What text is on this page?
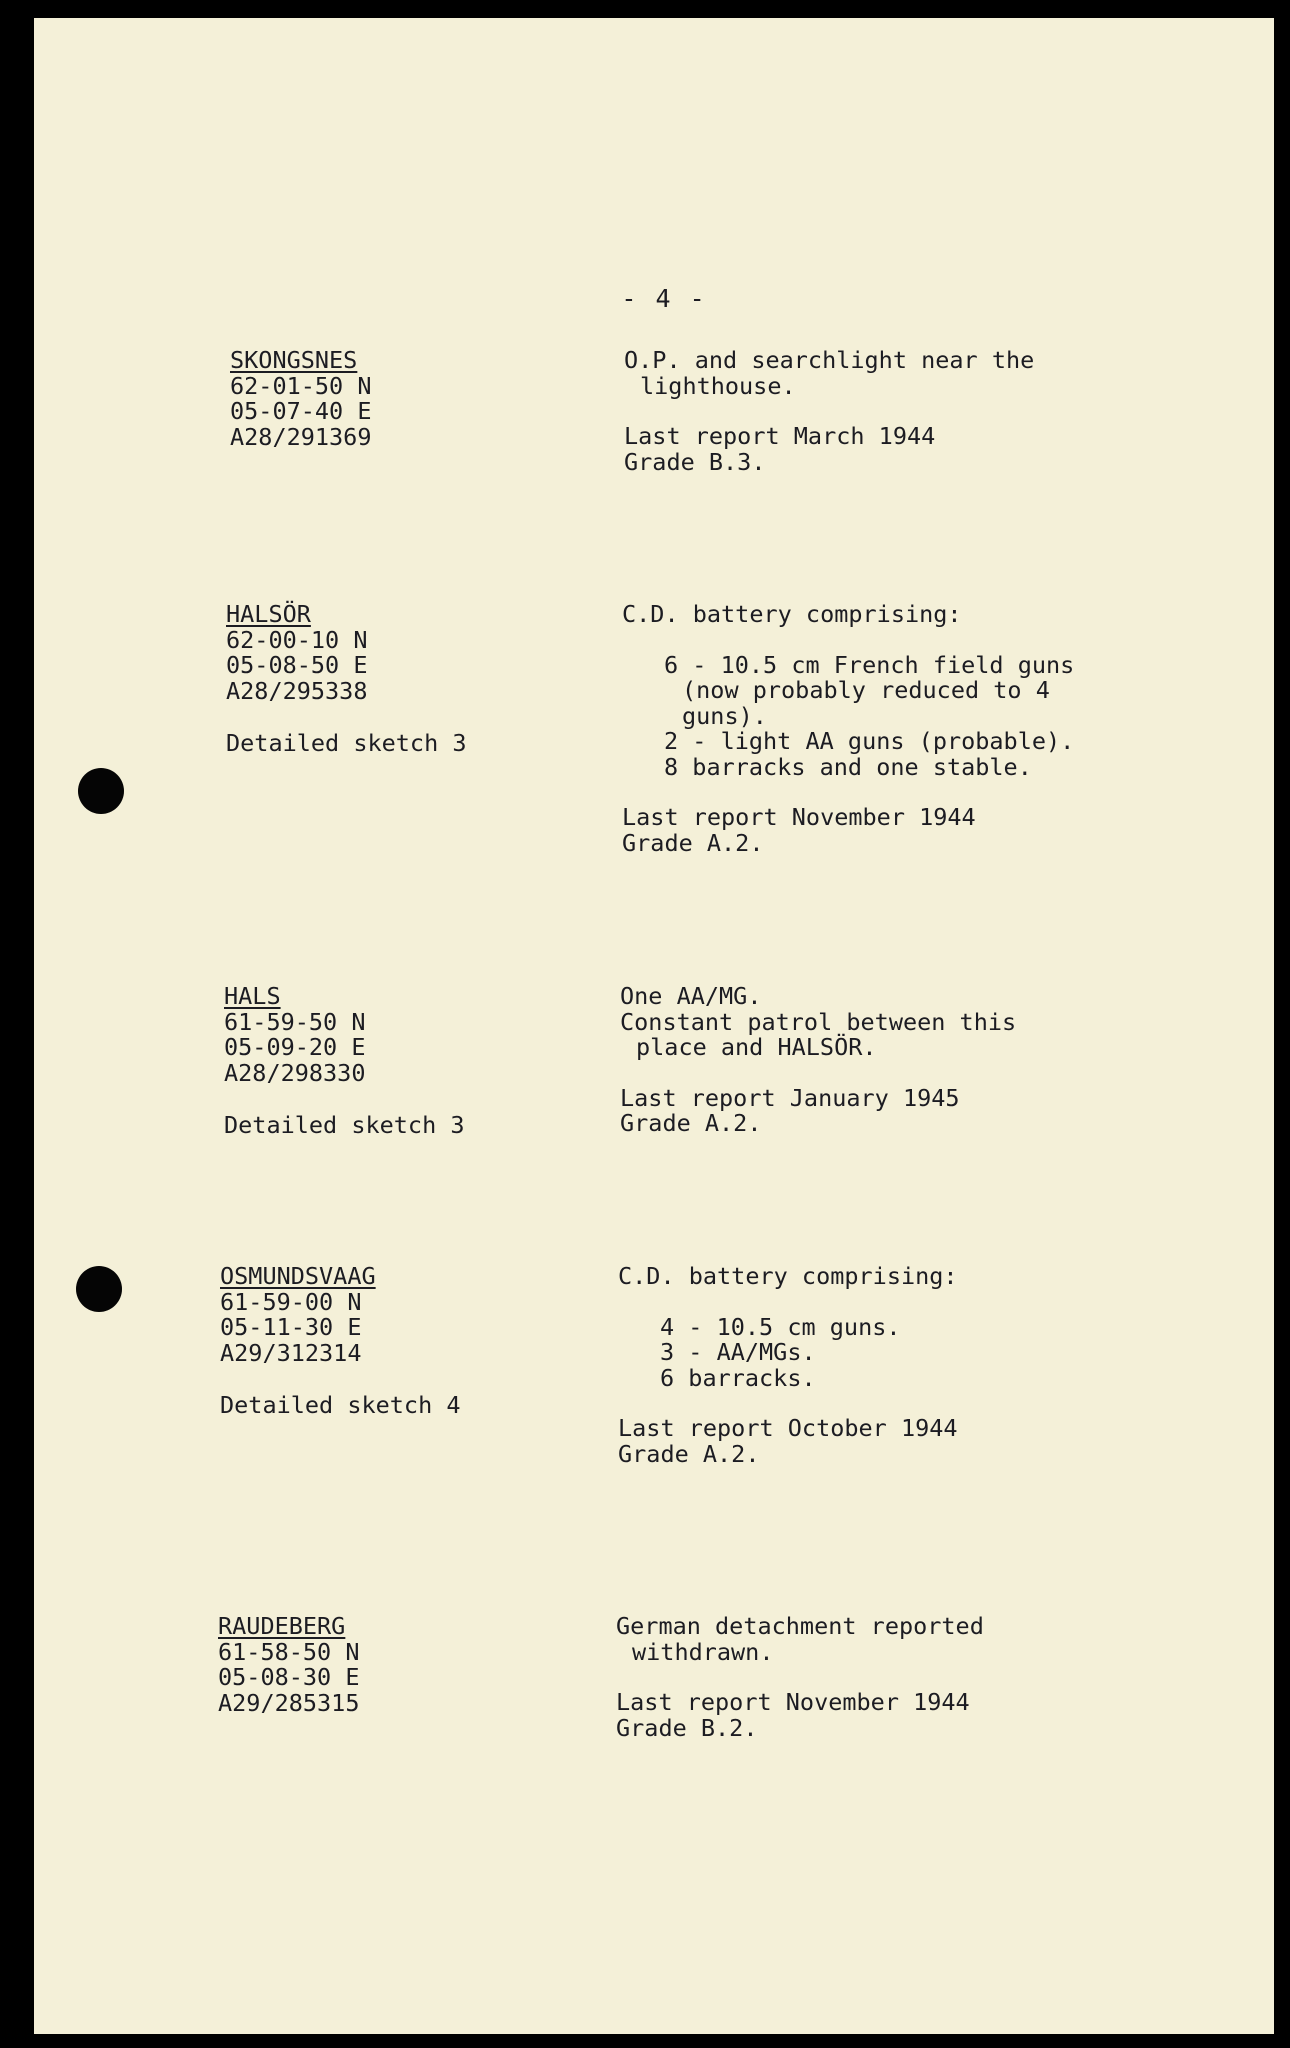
- 4 -
SKONGSNES
62-01-50 N
05-07-40 E
A28/291369
O.P. and searchlight near the
lighthouse.
Last report March 1944
Grade B.3.
HALSÖR
62-00-10 N
05-08-50 E
A28/295338
Detailed sketch 3
C.D. battery comprising:
6 - 10.5 cm French field guns
(now probably reduced to 4
guns).
2 - light AA guns (probable).
8 barracks and one stable.
Last report November 1944
Grade A.2.
HALS
61-59-50 N
05-09-20 E
A28/298330
Detailed sketch 3
One AA/MG.
Constant patrol between this
place and HALSÖR.
Last report January 1945
Grade A.2.
OSMUNDSVAAG
61-59-00 N
05-11-30 E
A29/312314
Detailed sketch 4
C.D. battery comprising:
4 - 10.5 cm guns.
3 - AA/MGs.
6 barracks.
Last report October 1944
Grade A.2.
RAUDEBERG
61-58-50 N
05-08-30 E
A29/285315
German detachment reported
withdrawn.
Last report November 1944
Grade B.2.
